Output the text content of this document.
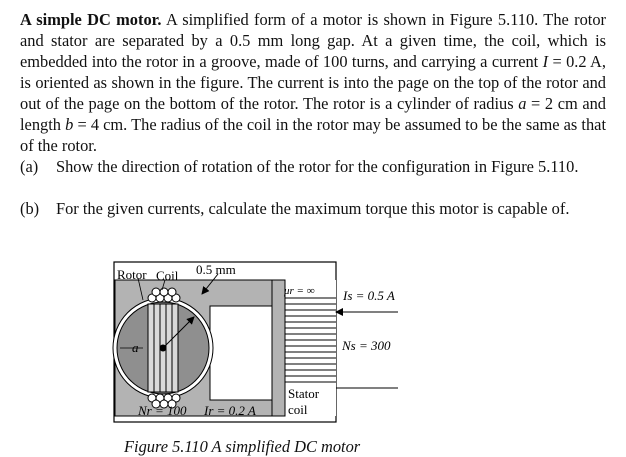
A simple DC motor. A simplified form of a motor is shown in Figure 5.110. The rotor and stator are separated by a 0.5 mm long gap. At a given time, the coil, which is embedded into the rotor in a groove, made of 100 turns, and carrying a current I = 0.2 A, is oriented as shown in the figure. The current is into the page on the top of the rotor and out of the page on the bottom of the rotor. The rotor is a cylinder of radius a = 2 cm and length b = 4 cm. The radius of the coil in the rotor may be assumed to be the same as that of the rotor.
(a) Show the direction of rotation of the rotor for the configuration in Figure 5.110.
(b) For the given currents, calculate the maximum torque this motor is capable of.
Rotor Coil 0.5 mm
μr = ∞ Is = 0.5 A
Ns = 300
a
Nr = 100 Ir = 0.2 A
Stator
coil
Figure 5.110 A simplified DC motor
